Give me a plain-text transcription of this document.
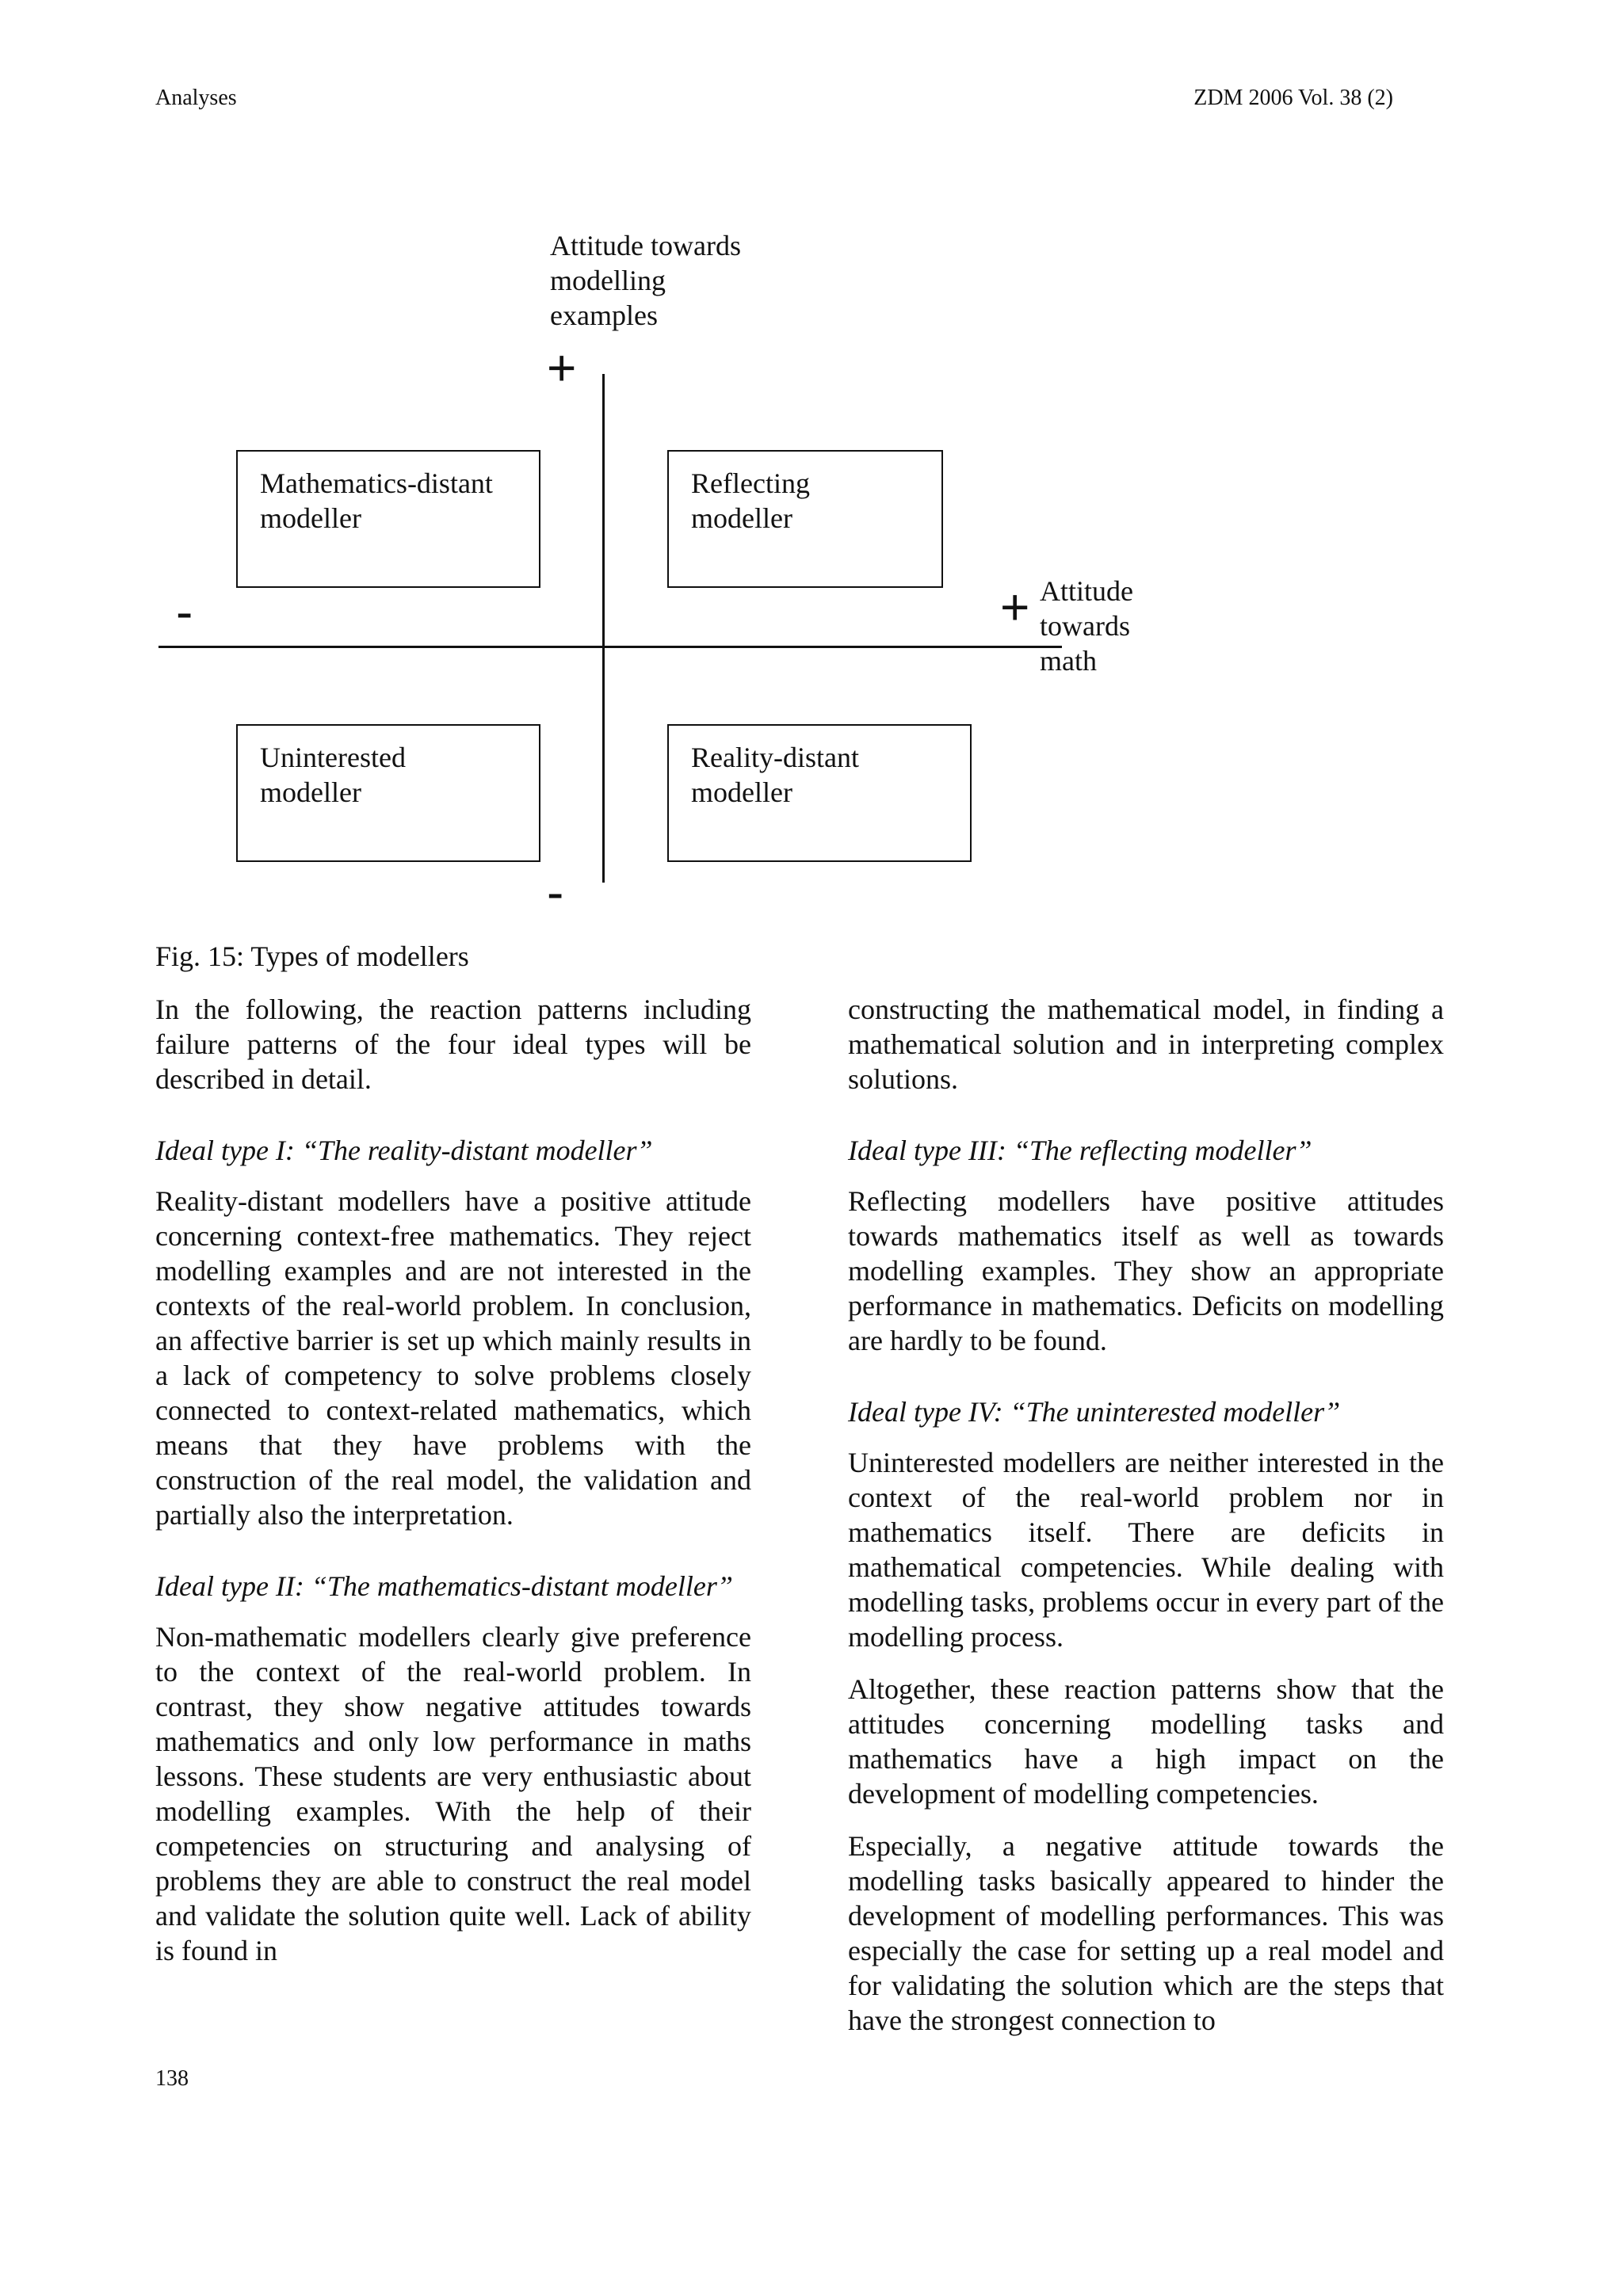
Analyses	ZDM 2006 Vol. 38 (2)
Attitude towards
modelling
examples
+
-	+ Attitude
towards
math
Mathematics-distant
modeller
Reflecting
modeller
Uninterested
modeller
Reality-distant
modeller
-
Fig. 15: Types of modellers

In the following, the reaction patterns including failure patterns of the four ideal types will be described in detail.

Ideal type I: “The reality-distant modeller”

Reality-distant modellers have a positive attitude concerning context-free mathematics. They reject modelling examples and are not interested in the contexts of the real-world problem. In conclusion, an affective barrier is set up which mainly results in a lack of competency to solve problems closely connected to context-related mathematics, which means that they have problems with the construction of the real model, the validation and partially also the interpretation.

Ideal type II: “The mathematics-distant modeller”

Non-mathematic modellers clearly give preference to the context of the real-world problem. In contrast, they show negative attitudes towards mathematics and only low performance in maths lessons. These students are very enthusiastic about modelling examples. With the help of their competencies on structuring and analysing of problems they are able to construct the real model and validate the solution quite well. Lack of ability is found in

constructing the mathematical model, in finding a mathematical solution and in interpreting complex solutions.

Ideal type III: “The reflecting modeller”

Reflecting modellers have positive attitudes towards mathematics itself as well as towards modelling examples. They show an appropriate performance in mathematics. Deficits on modelling are hardly to be found.

Ideal type IV: “The uninterested modeller”

Uninterested modellers are neither interested in the context of the real-world problem nor in mathematics itself. There are deficits in mathematical competencies. While dealing with modelling tasks, problems occur in every part of the modelling process.

Altogether, these reaction patterns show that the attitudes concerning modelling tasks and mathematics have a high impact on the development of modelling competencies.

Especially, a negative attitude towards the modelling tasks basically appeared to hinder the development of modelling performances. This was especially the case for setting up a real model and for validating the solution which are the steps that have the strongest connection to

138
